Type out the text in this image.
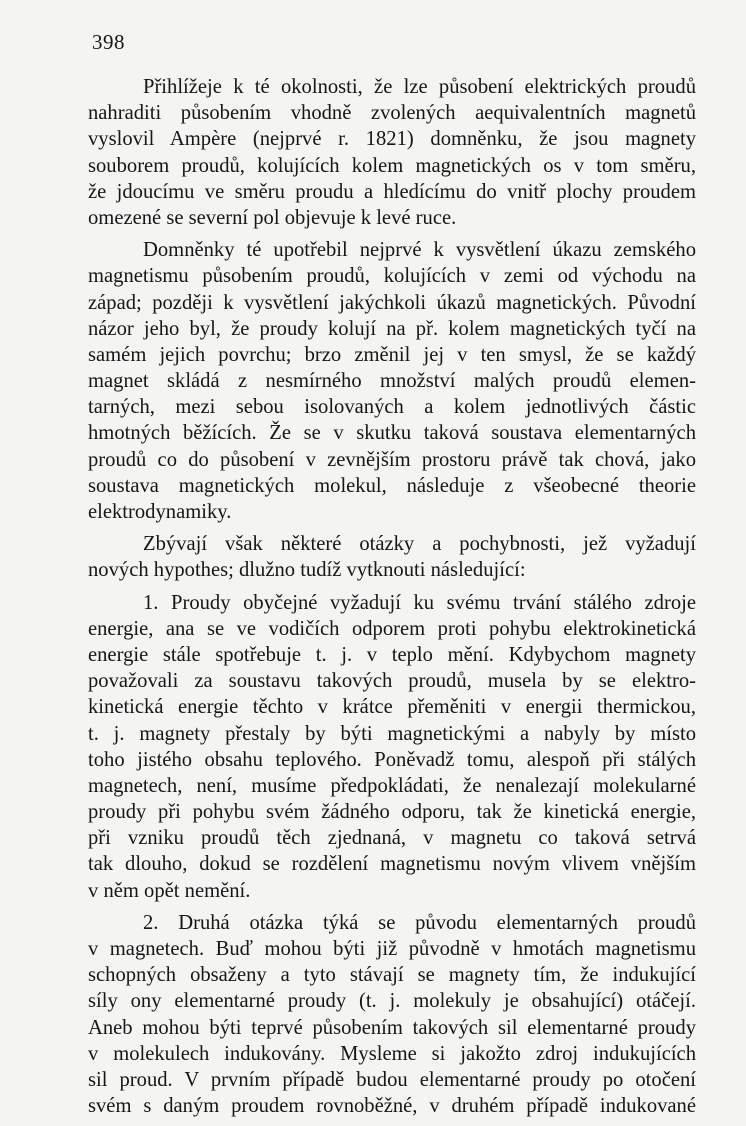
398
Přihlížeje k té okolnosti, že lze působení elektrických proudů
nahraditi působením vhodně zvolených aequivalentních magnetů
vyslovil Ampère (nejprvé r. 1821) domněnku, že jsou magnety
souborem proudů, kolujících kolem magnetických os v tom směru,
že jdoucímu ve směru proudu a hledícímu do vnitř plochy proudem
omezené se severní pol objevuje k levé ruce.
Domněnky té upotřebil nejprvé k vysvětlení úkazu zemského
magnetismu působením proudů, kolujících v zemi od východu na
západ; později k vysvětlení jakýchkoli úkazů magnetických. Původní
názor jeho byl, že proudy kolují na př. kolem magnetických tyčí na
samém jejich povrchu; brzo změnil jej v ten smysl, že se každý
magnet skládá z nesmírného množství malých proudů elemen-
tarných, mezi sebou isolovaných a kolem jednotlivých částic
hmotných běžících. Že se v skutku taková soustava elementarných
proudů co do působení v zevnějším prostoru právě tak chová, jako
soustava magnetických molekul, následuje z všeobecné theorie
elektrodynamiky.
Zbývají však některé otázky a pochybnosti, jež vyžadují
nových hypothes; dlužno tudíž vytknouti následující:
1. Proudy obyčejné vyžadují ku svému trvání stálého zdroje
energie, ana se ve vodičích odporem proti pohybu elektrokinetická
energie stále spotřebuje t. j. v teplo mění. Kdybychom magnety
považovali za soustavu takových proudů, musela by se elektro-
kinetická energie těchto v krátce přeměniti v energii thermickou,
t. j. magnety přestaly by býti magnetickými a nabyly by místo
toho jistého obsahu teplového. Poněvadž tomu, alespoň při stálých
magnetech, není, musíme předpokládati, že nenalezají molekularné
proudy při pohybu svém žádného odporu, tak že kinetická energie,
při vzniku proudů těch zjednaná, v magnetu co taková setrvá
tak dlouho, dokud se rozdělení magnetismu novým vlivem vnějším
v něm opět nemění.
2. Druhá otázka týká se původu elementarných proudů
v magnetech. Buď mohou býti již původně v hmotách magnetismu
schopných obsaženy a tyto stávají se magnety tím, že indukující
síly ony elementarné proudy (t. j. molekuly je obsahující) otáčejí.
Aneb mohou býti teprvé působením takových sil elementarné proudy
v molekulech indukovány. Mysleme si jakožto zdroj indukujících
sil proud. V prvním případě budou elementarné proudy po otočení
svém s daným proudem rovnoběžné, v druhém případě indukované
